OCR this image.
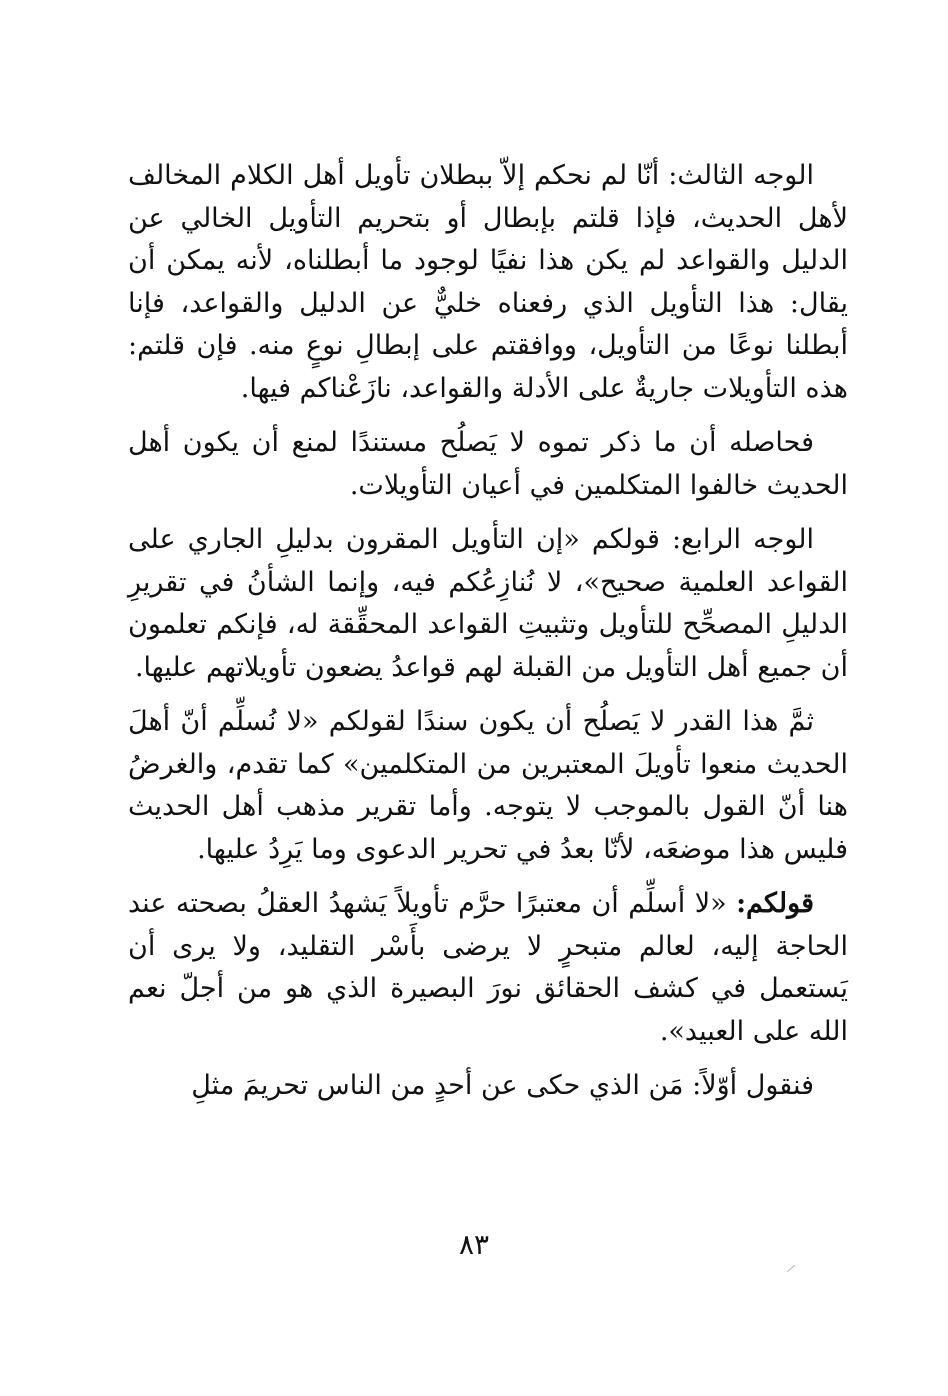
الوجه الثالث: أنّا لم نحكم إلاّ ببطلان تأويل أهل الكلام المخالف لأهل الحديث، فإذا قلتم بإبطال أو بتحريم التأويل الخالي عن الدليل والقواعد لم يكن هذا نفيًا لوجود ما أبطلناه، لأنه يمكن أن يقال: هذا التأويل الذي رفعناه خليٌّ عن الدليل والقواعد، فإنا أبطلنا نوعًا من التأويل، ووافقتم على إبطالِ نوعٍ منه. فإن قلتم: هذه التأويلات جاريةٌ على الأدلة والقواعد، نازَعْناكم فيها.

فحاصله أن ما ذكر تموه لا يَصلُح مستندًا لمنع أن يكون أهل الحديث خالفوا المتكلمين في أعيان التأويلات.

الوجه الرابع: قولكم «إن التأويل المقرون بدليلِ الجاري على القواعد العلمية صحيح»، لا نُنازِعُكم فيه، وإنما الشأنُ في تقريرِ الدليلِ المصحِّح للتأويل وتثبيتِ القواعد المحقِّقة له، فإنكم تعلمون أن جميع أهل التأويل من القبلة لهم قواعدُ يضعون تأويلاتهم عليها.

ثمَّ هذا القدر لا يَصلُح أن يكون سندًا لقولكم «لا نُسلِّم أنّ أهلَ الحديث منعوا تأويلَ المعتبرين من المتكلمين» كما تقدم، والغرضُ هنا أنّ القول بالموجب لا يتوجه. وأما تقرير مذهب أهل الحديث فليس هذا موضعَه، لأنّا بعدُ في تحرير الدعوى وما يَرِدُ عليها.

قولكم: «لا أسلِّم أن معتبرًا حرَّم تأويلاً يَشهدُ العقلُ بصحته عند الحاجة إليه، لعالم متبحرٍ لا يرضى بأَسْر التقليد، ولا يرى أن يَستعمل في كشف الحقائق نورَ البصيرة الذي هو من أجلّ نعم الله على العبيد».

فنقول أوّلاً: مَن الذي حكى عن أحدٍ من الناس تحريمَ مثلِ

٨٣
